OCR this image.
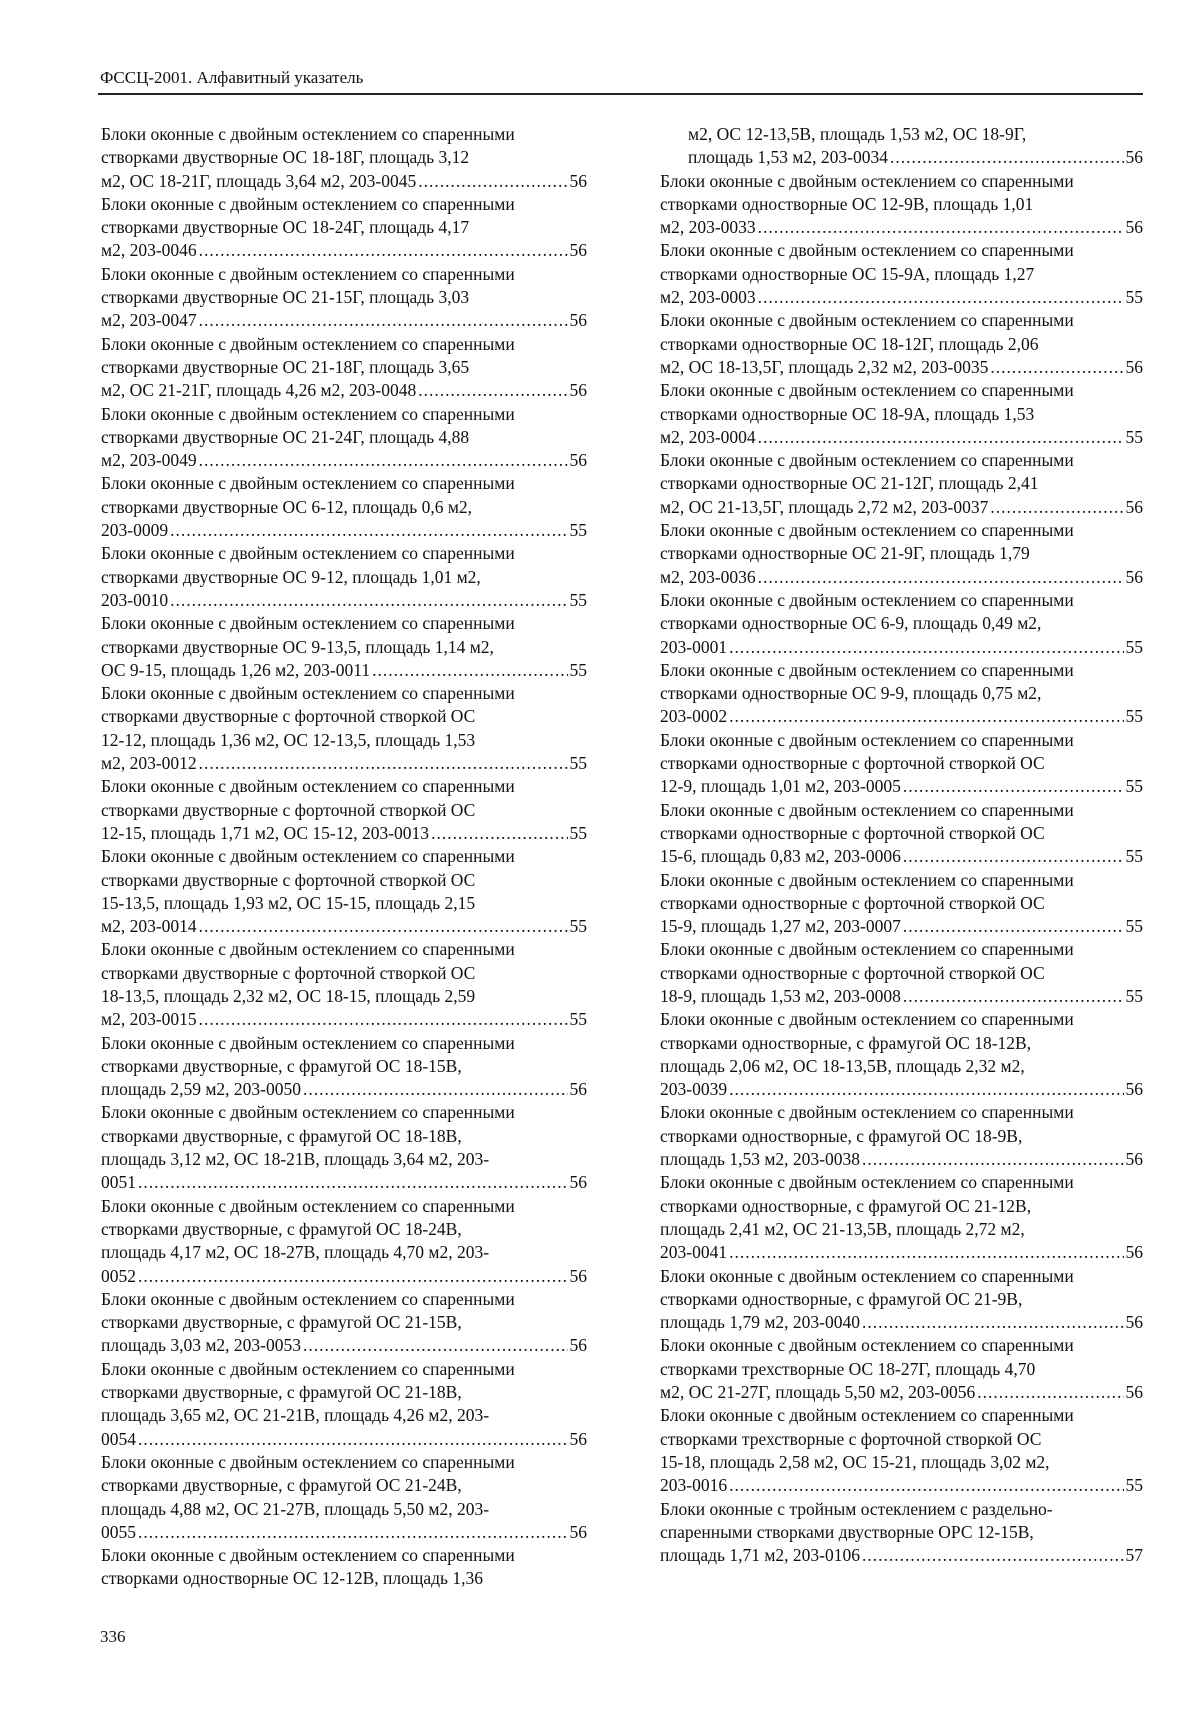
ФССЦ-2001. Алфавитный указатель
Блоки оконные с двойным остеклением со спаренными
створками двустворные ОС 18-18Г, площадь 3,12
м2, ОС 18-21Г, площадь 3,64 м2, 203-0045 .....	56
Блоки оконные с двойным остеклением со спаренными
створками двустворные ОС 18-24Г, площадь 4,17
м2, 203-0046 .....	56
Блоки оконные с двойным остеклением со спаренными
створками двустворные ОС 21-15Г, площадь 3,03
м2, 203-0047 .....	56
Блоки оконные с двойным остеклением со спаренными
створками двустворные ОС 21-18Г, площадь 3,65
м2, ОС 21-21Г, площадь 4,26 м2, 203-0048 .....	56
Блоки оконные с двойным остеклением со спаренными
створками двустворные ОС 21-24Г, площадь 4,88
м2, 203-0049 .....	56
Блоки оконные с двойным остеклением со спаренными
створками двустворные ОС 6-12, площадь 0,6 м2,
203-0009 .....	55
Блоки оконные с двойным остеклением со спаренными
створками двустворные ОС 9-12, площадь 1,01 м2,
203-0010 .....	55
Блоки оконные с двойным остеклением со спаренными
створками двустворные ОС 9-13,5, площадь 1,14 м2,
ОС 9-15, площадь 1,26 м2, 203-0011 .....	55
Блоки оконные с двойным остеклением со спаренными
створками двустворные с форточной створкой ОС
12-12, площадь 1,36 м2, ОС 12-13,5, площадь 1,53
м2, 203-0012 .....	55
Блоки оконные с двойным остеклением со спаренными
створками двустворные с форточной створкой ОС
12-15, площадь 1,71 м2, ОС 15-12, 203-0013 .....	55
Блоки оконные с двойным остеклением со спаренными
створками двустворные с форточной створкой ОС
15-13,5, площадь 1,93 м2, ОС 15-15, площадь 2,15
м2, 203-0014 .....	55
Блоки оконные с двойным остеклением со спаренными
створками двустворные с форточной створкой ОС
18-13,5, площадь 2,32 м2, ОС 18-15, площадь 2,59
м2, 203-0015 .....	55
Блоки оконные с двойным остеклением со спаренными
створками двустворные, с фрамугой ОС 18-15В,
площадь 2,59 м2, 203-0050 .....	56
Блоки оконные с двойным остеклением со спаренными
створками двустворные, с фрамугой ОС 18-18В,
площадь 3,12 м2, ОС 18-21В, площадь 3,64 м2, 203-
0051 .....	56
Блоки оконные с двойным остеклением со спаренными
створками двустворные, с фрамугой ОС 18-24В,
площадь 4,17 м2, ОС 18-27В, площадь 4,70 м2, 203-
0052 .....	56
Блоки оконные с двойным остеклением со спаренными
створками двустворные, с фрамугой ОС 21-15В,
площадь 3,03 м2, 203-0053 .....	56
Блоки оконные с двойным остеклением со спаренными
створками двустворные, с фрамугой ОС 21-18В,
площадь 3,65 м2, ОС 21-21В, площадь 4,26 м2, 203-
0054 .....	56
Блоки оконные с двойным остеклением со спаренными
створками двустворные, с фрамугой ОС 21-24В,
площадь 4,88 м2, ОС 21-27В, площадь 5,50 м2, 203-
0055 .....	56
Блоки оконные с двойным остеклением со спаренными
створками одностворные ОС 12-12В, площадь 1,36
м2, ОС 12-13,5В, площадь 1,53 м2, ОС 18-9Г,
площадь 1,53 м2, 203-0034 .....	56
Блоки оконные с двойным остеклением со спаренными
створками одностворные ОС 12-9В, площадь 1,01
м2, 203-0033 .....	56
Блоки оконные с двойным остеклением со спаренными
створками одностворные ОС 15-9А, площадь 1,27
м2, 203-0003 .....	55
Блоки оконные с двойным остеклением со спаренными
створками одностворные ОС 18-12Г, площадь 2,06
м2, ОС 18-13,5Г, площадь 2,32 м2, 203-0035 .....	56
Блоки оконные с двойным остеклением со спаренными
створками одностворные ОС 18-9А, площадь 1,53
м2, 203-0004 .....	55
Блоки оконные с двойным остеклением со спаренными
створками одностворные ОС 21-12Г, площадь 2,41
м2, ОС 21-13,5Г, площадь 2,72 м2, 203-0037 .....	56
Блоки оконные с двойным остеклением со спаренными
створками одностворные ОС 21-9Г, площадь 1,79
м2, 203-0036 .....	56
Блоки оконные с двойным остеклением со спаренными
створками одностворные ОС 6-9, площадь 0,49 м2,
203-0001 .....	55
Блоки оконные с двойным остеклением со спаренными
створками одностворные ОС 9-9, площадь 0,75 м2,
203-0002 .....	55
Блоки оконные с двойным остеклением со спаренными
створками одностворные с форточной створкой ОС
12-9, площадь 1,01 м2, 203-0005 .....	55
Блоки оконные с двойным остеклением со спаренными
створками одностворные с форточной створкой ОС
15-6, площадь 0,83 м2, 203-0006 .....	55
Блоки оконные с двойным остеклением со спаренными
створками одностворные с форточной створкой ОС
15-9, площадь 1,27 м2, 203-0007 .....	55
Блоки оконные с двойным остеклением со спаренными
створками одностворные с форточной створкой ОС
18-9, площадь 1,53 м2, 203-0008 .....	55
Блоки оконные с двойным остеклением со спаренными
створками одностворные, с фрамугой ОС 18-12В,
площадь 2,06 м2, ОС 18-13,5В, площадь 2,32 м2,
203-0039 .....	56
Блоки оконные с двойным остеклением со спаренными
створками одностворные, с фрамугой ОС 18-9В,
площадь 1,53 м2, 203-0038 .....	56
Блоки оконные с двойным остеклением со спаренными
створками одностворные, с фрамугой ОС 21-12В,
площадь 2,41 м2, ОС 21-13,5В, площадь 2,72 м2,
203-0041 .....	56
Блоки оконные с двойным остеклением со спаренными
створками одностворные, с фрамугой ОС 21-9В,
площадь 1,79 м2, 203-0040 .....	56
Блоки оконные с двойным остеклением со спаренными
створками трехстворные ОС 18-27Г, площадь 4,70
м2, ОС 21-27Г, площадь 5,50 м2, 203-0056 .....	56
Блоки оконные с двойным остеклением со спаренными
створками трехстворные с форточной створкой ОС
15-18, площадь 2,58 м2, ОС 15-21, площадь 3,02 м2,
203-0016 .....	55
Блоки оконные с тройным остеклением с раздельно-
спаренными створками двустворные ОРС 12-15В,
площадь 1,71 м2, 203-0106 .....	57
336
